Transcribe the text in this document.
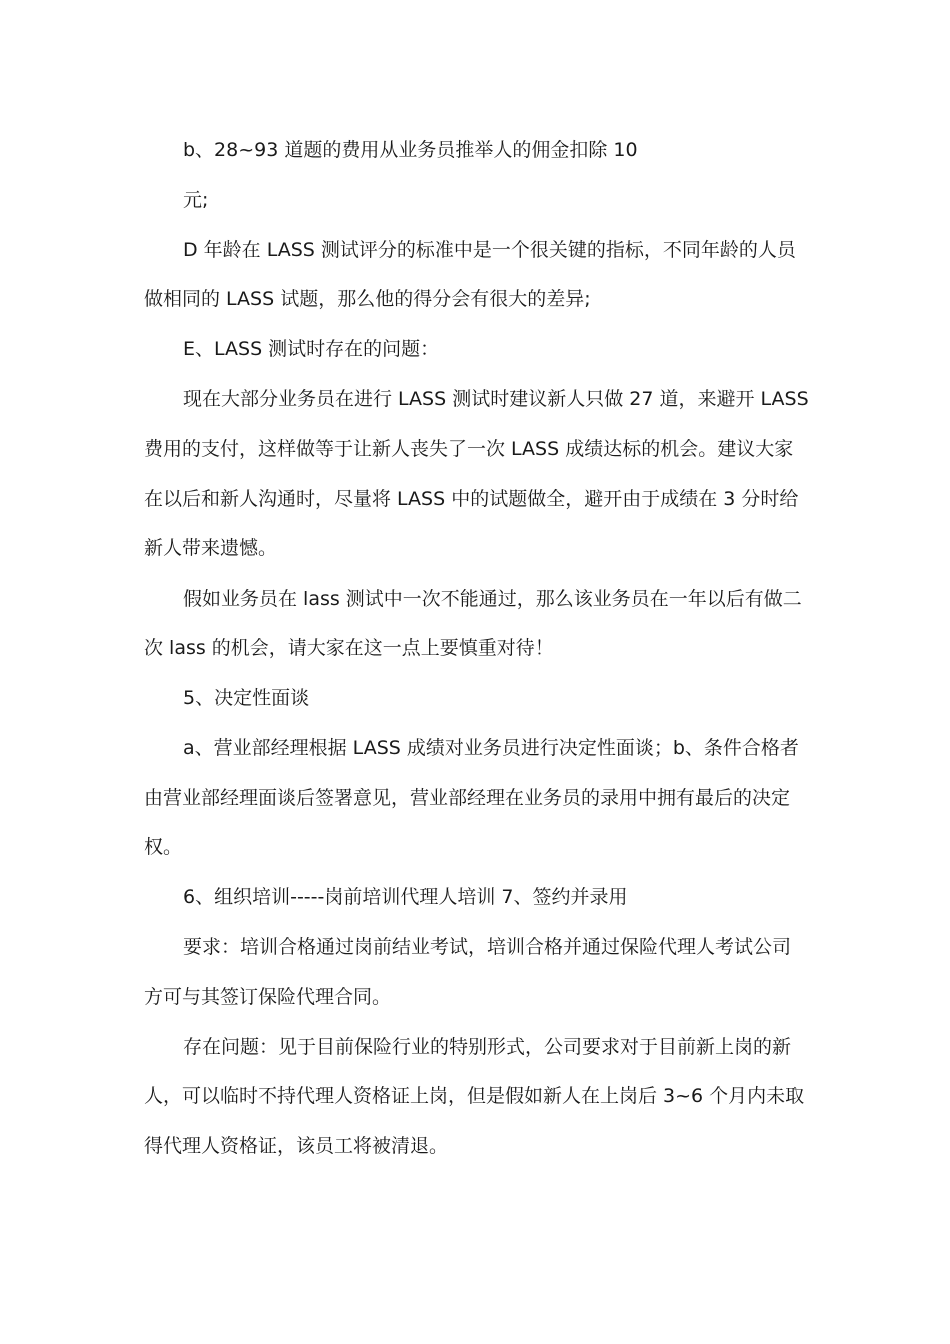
b、28~93 道题的费用从业务员推举人的佣金扣除 10
元;
D 年龄在 LASS 测试评分的标准中是一个很关键的指标，不同年龄的人员
做相同的 LASS 试题，那么他的得分会有很大的差异;
E、LASS 测试时存在的问题：
现在大部分业务员在进行 LASS 测试时建议新人只做 27 道，来避开 LASS
费用的支付，这样做等于让新人丧失了一次 LASS 成绩达标的机会。建议大家
在以后和新人沟通时，尽量将 LASS 中的试题做全，避开由于成绩在 3 分时给
新人带来遗憾。
假如业务员在 lass 测试中一次不能通过，那么该业务员在一年以后有做二
次 lass 的机会，请大家在这一点上要慎重对待！
5、决定性面谈
a、营业部经理根据 LASS 成绩对业务员进行决定性面谈；b、条件合格者
由营业部经理面谈后签署意见，营业部经理在业务员的录用中拥有最后的决定
权。
6、组织培训-----岗前培训代理人培训 7、签约并录用
要求：培训合格通过岗前结业考试，培训合格并通过保险代理人考试公司
方可与其签订保险代理合同。
存在问题：见于目前保险行业的特别形式，公司要求对于目前新上岗的新
人，可以临时不持代理人资格证上岗，但是假如新人在上岗后 3~6 个月内未取
得代理人资格证，该员工将被清退。
